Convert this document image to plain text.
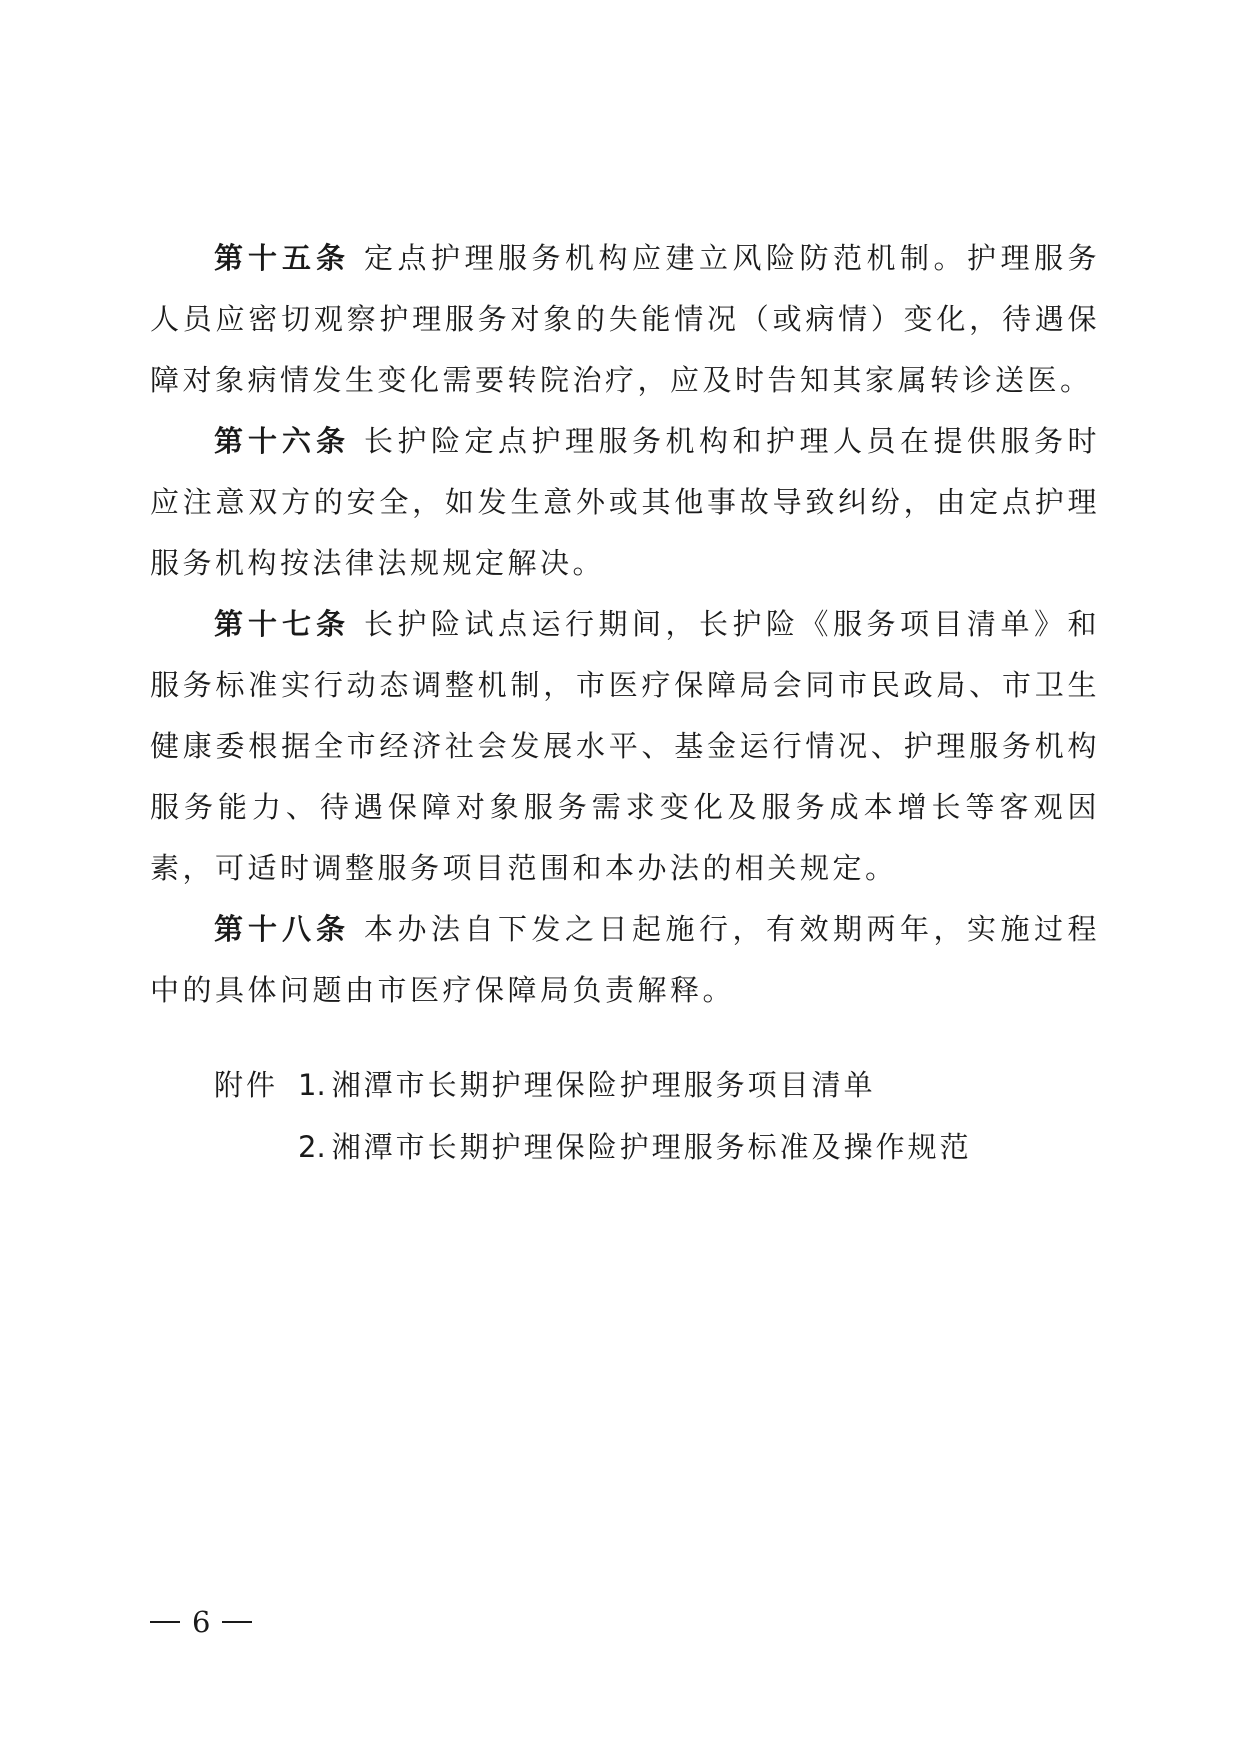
第十五条 定点护理服务机构应建立风险防范机制。护理服务人员应密切观察护理服务对象的失能情况（或病情）变化，待遇保障对象病情发生变化需要转院治疗，应及时告知其家属转诊送医。

第十六条 长护险定点护理服务机构和护理人员在提供服务时应注意双方的安全，如发生意外或其他事故导致纠纷，由定点护理服务机构按法律法规规定解决。

第十七条 长护险试点运行期间，长护险《服务项目清单》和服务标准实行动态调整机制，市医疗保障局会同市民政局、市卫生健康委根据全市经济社会发展水平、基金运行情况、护理服务机构服务能力、待遇保障对象服务需求变化及服务成本增长等客观因素，可适时调整服务项目范围和本办法的相关规定。

第十八条 本办法自下发之日起施行，有效期两年，实施过程中的具体问题由市医疗保障局负责解释。

附件 1. 湘潭市长期护理保险护理服务项目清单
2. 湘潭市长期护理保险护理服务标准及操作规范
6
